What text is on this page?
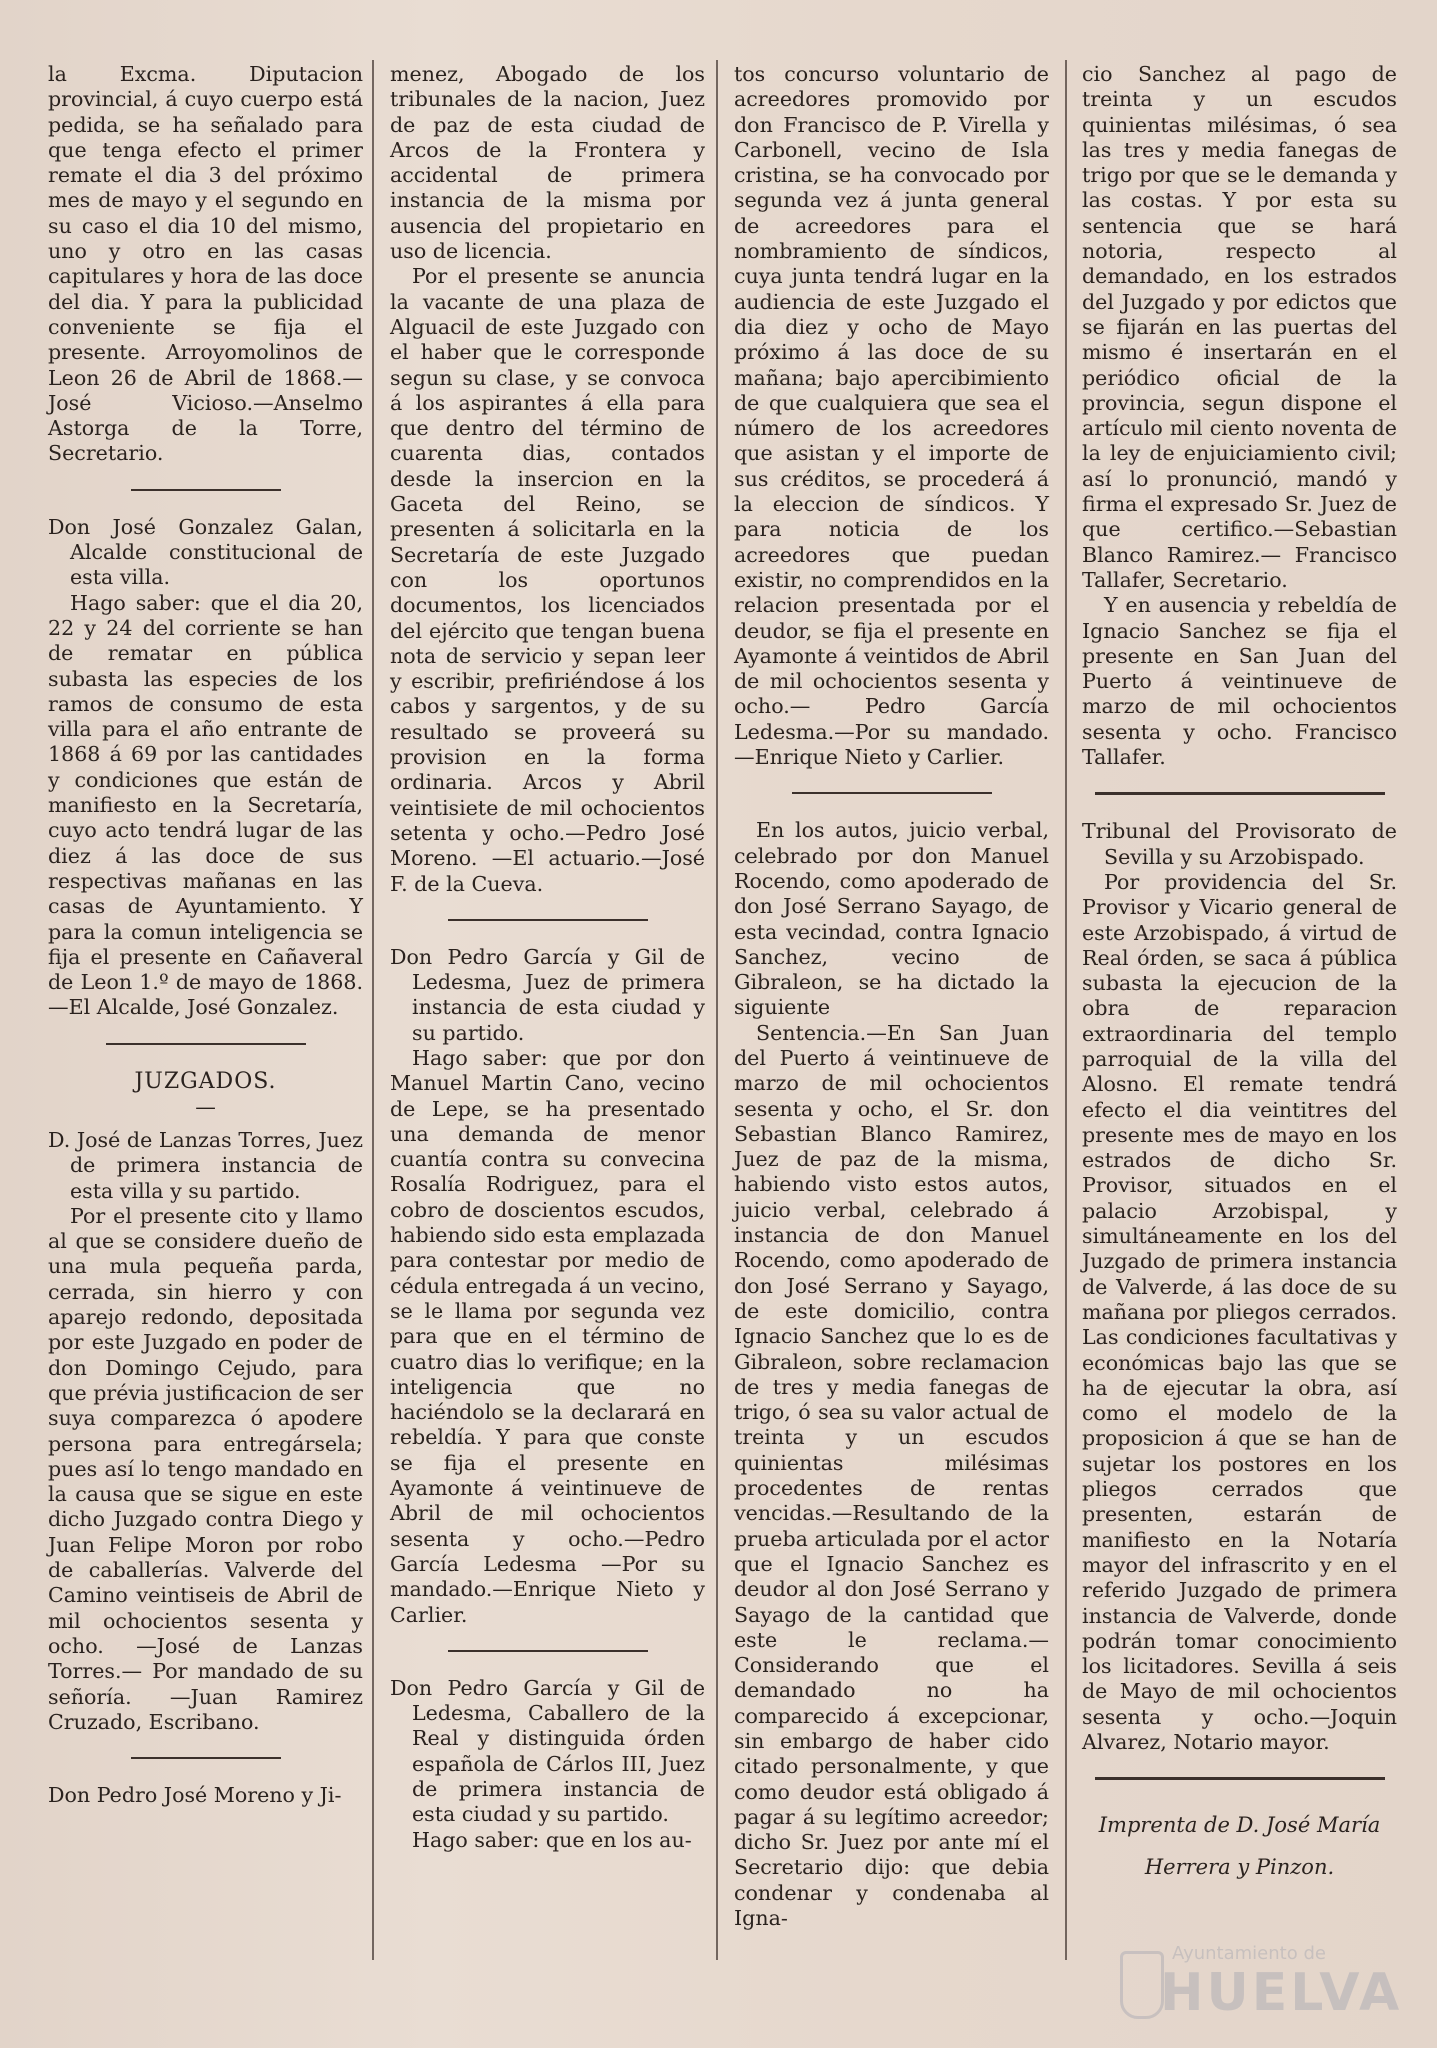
la Excma. Diputacion provincial, á cuyo cuerpo está pedida, se ha señalado para que tenga efecto el primer remate el dia 3 del próximo mes de mayo y el segundo en su caso el dia 10 del mismo, uno y otro en las casas capitulares y hora de las doce del dia. Y para la publicidad conveniente se fija el presente. Arroyomolinos de Leon 26 de Abril de 1868.—José Vicioso.—Anselmo Astorga de la Torre, Secretario.

Don José Gonzalez Galan, Alcalde constitucional de esta villa.

Hago saber: que el dia 20, 22 y 24 del corriente se han de rematar en pública subasta las especies de los ramos de consumo de esta villa para el año entrante de 1868 á 69 por las cantidades y condiciones que están de manifiesto en la Secretaría, cuyo acto tendrá lugar de las diez á las doce de sus respectivas mañanas en las casas de Ayuntamiento. Y para la comun inteligencia se fija el presente en Cañaveral de Leon 1.º de mayo de 1868.—El Alcalde, José Gonzalez.

JUZGADOS.
—

D. José de Lanzas Torres, Juez de primera instancia de esta villa y su partido.

Por el presente cito y llamo al que se considere dueño de una mula pequeña parda, cerrada, sin hierro y con aparejo redondo, depositada por este Juzgado en poder de don Domingo Cejudo, para que prévia justificacion de ser suya comparezca ó apodere persona para entregársela; pues así lo tengo mandado en la causa que se sigue en este dicho Juzgado contra Diego y Juan Felipe Moron por robo de caballerías. Valverde del Camino veintiseis de Abril de mil ochocientos sesenta y ocho. —José de Lanzas Torres.— Por mandado de su señoría. —Juan Ramirez Cruzado, Escribano.

Don Pedro José Moreno y Ji-

menez, Abogado de los tribunales de la nacion, Juez de paz de esta ciudad de Arcos de la Frontera y accidental de primera instancia de la misma por ausencia del propietario en uso de licencia.

Por el presente se anuncia la vacante de una plaza de Alguacil de este Juzgado con el haber que le corresponde segun su clase, y se convoca á los aspirantes á ella para que dentro del término de cuarenta dias, contados desde la insercion en la Gaceta del Reino, se presenten á solicitarla en la Secretaría de este Juzgado con los oportunos documentos, los licenciados del ejército que tengan buena nota de servicio y sepan leer y escribir, prefiriéndose á los cabos y sargentos, y de su resultado se proveerá su provision en la forma ordinaria. Arcos y Abril veintisiete de mil ochocientos setenta y ocho.—Pedro José Moreno. —El actuario.—José F. de la Cueva.

Don Pedro García y Gil de Ledesma, Juez de primera instancia de esta ciudad y su partido.

Hago saber: que por don Manuel Martin Cano, vecino de Lepe, se ha presentado una demanda de menor cuantía contra su convecina Rosalía Rodriguez, para el cobro de doscientos escudos, habiendo sido esta emplazada para contestar por medio de cédula entregada á un vecino, se le llama por segunda vez para que en el término de cuatro dias lo verifique; en la inteligencia que no haciéndolo se la declarará en rebeldía. Y para que conste se fija el presente en Ayamonte á veintinueve de Abril de mil ochocientos sesenta y ocho.—Pedro García Ledesma —Por su mandado.—Enrique Nieto y Carlier.

Don Pedro García y Gil de Ledesma, Caballero de la Real y distinguida órden española de Cárlos III, Juez de primera instancia de esta ciudad y su partido.

Hago saber: que en los au-

tos concurso voluntario de acreedores promovido por don Francisco de P. Virella y Carbonell, vecino de Isla cristina, se ha convocado por segunda vez á junta general de acreedores para el nombramiento de síndicos, cuya junta tendrá lugar en la audiencia de este Juzgado el dia diez y ocho de Mayo próximo á las doce de su mañana; bajo apercibimiento de que cualquiera que sea el número de los acreedores que asistan y el importe de sus créditos, se procederá á la eleccion de síndicos. Y para noticia de los acreedores que puedan existir, no comprendidos en la relacion presentada por el deudor, se fija el presente en Ayamonte á veintidos de Abril de mil ochocientos sesenta y ocho.— Pedro García Ledesma.—Por su mandado.—Enrique Nieto y Carlier.

En los autos, juicio verbal, celebrado por don Manuel Rocendo, como apoderado de don José Serrano Sayago, de esta vecindad, contra Ignacio Sanchez, vecino de Gibraleon, se ha dictado la siguiente

Sentencia.—En San Juan del Puerto á veintinueve de marzo de mil ochocientos sesenta y ocho, el Sr. don Sebastian Blanco Ramirez, Juez de paz de la misma, habiendo visto estos autos, juicio verbal, celebrado á instancia de don Manuel Rocendo, como apoderado de don José Serrano y Sayago, de este domicilio, contra Ignacio Sanchez que lo es de Gibraleon, sobre reclamacion de tres y media fanegas de trigo, ó sea su valor actual de treinta y un escudos quinientas milésimas procedentes de rentas vencidas.—Resultando de la prueba articulada por el actor que el Ignacio Sanchez es deudor al don José Serrano y Sayago de la cantidad que este le reclama.—Considerando que el demandado no ha comparecido á excepcionar, sin embargo de haber cido citado personalmente, y que como deudor está obligado á pagar á su legítimo acreedor; dicho Sr. Juez por ante mí el Secretario dijo: que debia condenar y condenaba al Igna-

cio Sanchez al pago de treinta y un escudos quinientas milésimas, ó sea las tres y media fanegas de trigo por que se le demanda y las costas. Y por esta su sentencia que se hará notoria, respecto al demandado, en los estrados del Juzgado y por edictos que se fijarán en las puertas del mismo é insertarán en el periódico oficial de la provincia, segun dispone el artículo mil ciento noventa de la ley de enjuiciamiento civil; así lo pronunció, mandó y firma el expresado Sr. Juez de que certifico.—Sebastian Blanco Ramirez.— Francisco Tallafer, Secretario.

Y en ausencia y rebeldía de Ignacio Sanchez se fija el presente en San Juan del Puerto á veintinueve de marzo de mil ochocientos sesenta y ocho. Francisco Tallafer.

Tribunal del Provisorato de Sevilla y su Arzobispado.

Por providencia del Sr. Provisor y Vicario general de este Arzobispado, á virtud de Real órden, se saca á pública subasta la ejecucion de la obra de reparacion extraordinaria del templo parroquial de la villa del Alosno. El remate tendrá efecto el dia veintitres del presente mes de mayo en los estrados de dicho Sr. Provisor, situados en el palacio Arzobispal, y simultáneamente en los del Juzgado de primera instancia de Valverde, á las doce de su mañana por pliegos cerrados. Las condiciones facultativas y económicas bajo las que se ha de ejecutar la obra, así como el modelo de la proposicion á que se han de sujetar los postores en los pliegos cerrados que presenten, estarán de manifiesto en la Notaría mayor del infrascrito y en el referido Juzgado de primera instancia de Valverde, donde podrán tomar conocimiento los licitadores. Sevilla á seis de Mayo de mil ochocientos sesenta y ocho.—Joquin Alvarez, Notario mayor.

Imprenta de D. José María Herrera y Pinzon.

Ayuntamiento de
HUELVA
